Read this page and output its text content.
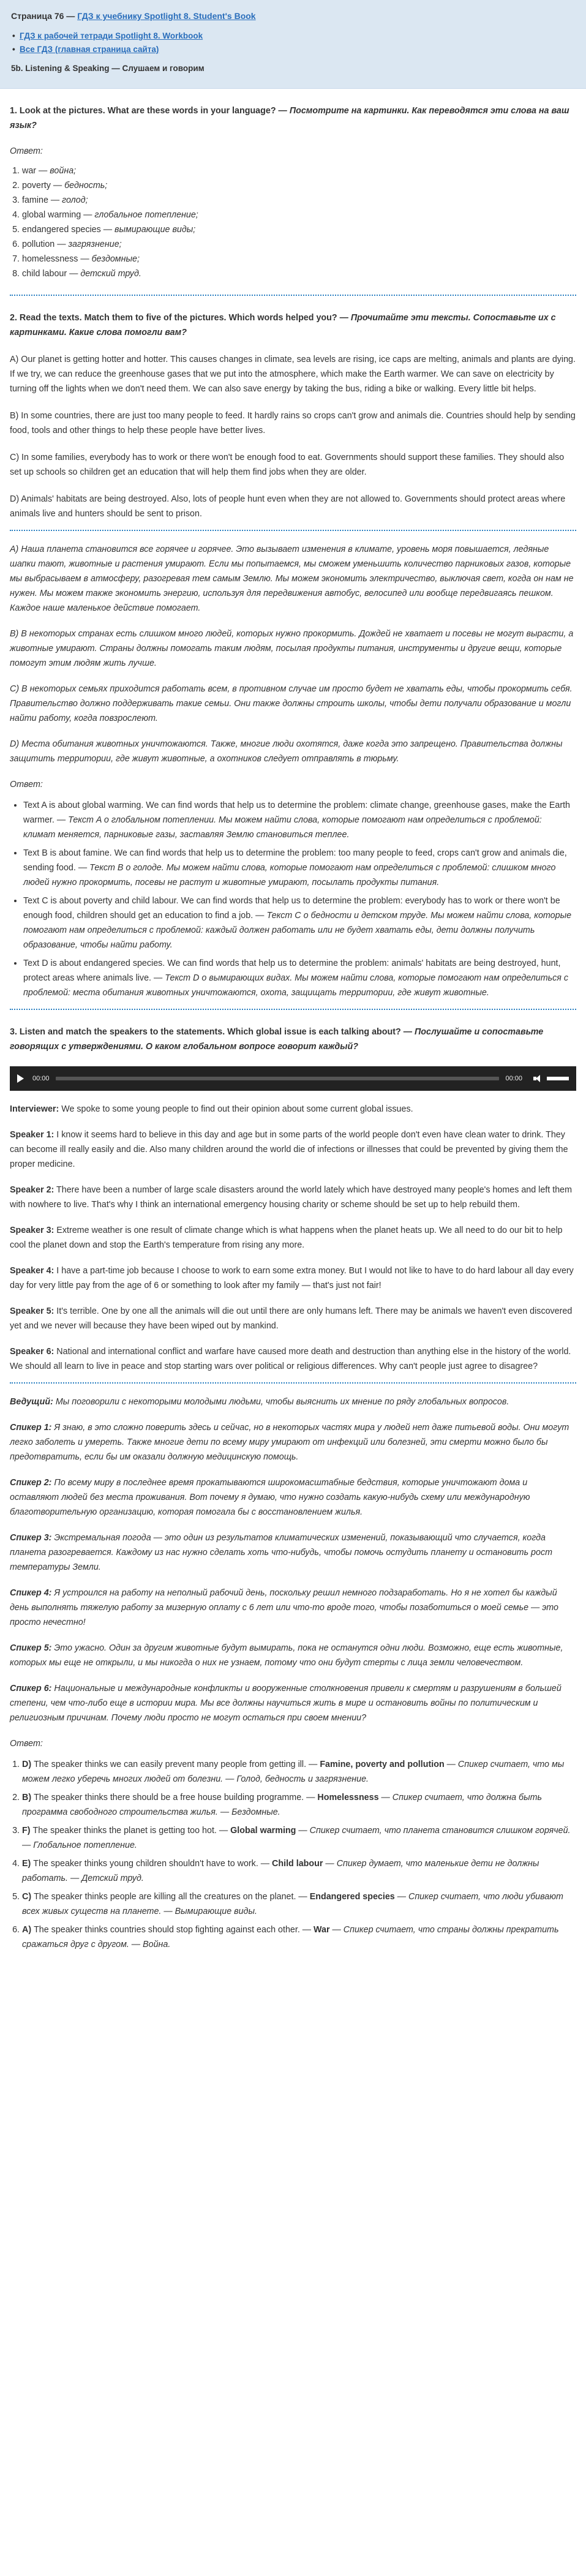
Страница 76 — ГДЗ к учебнику Spotlight 8. Student's Book
• ГДЗ к рабочей тетради Spotlight 8. Workbook
• Все ГДЗ (главная страница сайта)
5b. Listening & Speaking — Слушаем и говорим
1. Look at the pictures. What are these words in your language? — Посмотрите на картинки. Как переводятся эти слова на ваш язык?
Ответ:
1. war — война;
2. poverty — бедность;
3. famine — голод;
4. global warming — глобальное потепление;
5. endangered species — вымирающие виды;
6. pollution — загрязнение;
7. homelessness — бездомные;
8. child labour — детский труд.
2. Read the texts. Match them to five of the pictures. Which words helped you? — Прочитайте эти тексты. Сопоставьте их с картинками. Какие слова помогли вам?

A) Our planet is getting hotter and hotter. This causes changes in climate, sea levels are rising, ice caps are melting, animals and plants are dying. If we try, we can reduce the greenhouse gases that we put into the atmosphere, which make the Earth warmer. We can save on electricity by turning off the lights when we don't need them. We can also save energy by taking the bus, riding a bike or walking. Every little bit helps.

B) In some countries, there are just too many people to feed. It hardly rains so crops can't grow and animals die. Countries should help by sending food, tools and other things to help these people have better lives.

C) In some families, everybody has to work or there won't be enough food to eat. Governments should support these families. They should also set up schools so children get an education that will help them find jobs when they are older.

D) Animals' habitats are being destroyed. Also, lots of people hunt even when they are not allowed to. Governments should protect areas where animals live and hunters should be sent to prison.

А) Наша планета становится все горячее и горячее. Это вызывает изменения в климате, уровень моря повышается, ледяные шапки тают, животные и растения умирают. Если мы попытаемся, мы сможем уменьшить количество парниковых газов, которые мы выбрасываем в атмосферу, разогревая тем самым Землю. Мы можем экономить электричество, выключая свет, когда он нам не нужен. Мы можем также экономить энергию, используя для передвижения автобус, велосипед или вообще передвигаясь пешком. Каждое наше маленькое действие помогает.

B) В некоторых странах есть слишком много людей, которых нужно прокормить. Дождей не хватает и посевы не могут вырасти, а животные умирают. Страны должны помогать таким людям, посылая продукты питания, инструменты и другие вещи, которые помогут этим людям жить лучше.

C) В некоторых семьях приходится работать всем, в противном случае им просто будет не хватать еды, чтобы прокормить себя. Правительство должно поддерживать такие семьи. Они также должны строить школы, чтобы дети получали образование и могли найти работу, когда повзрослеют.

D) Места обитания животных уничтожаются. Также, многие люди охотятся, даже когда это запрещено. Правительства должны защитить территории, где живут животные, а охотников следует отправлять в тюрьму.

Ответ:
• Text A is about global warming. We can find words that help us to determine the problem: climate change, greenhouse gases, make the Earth warmer. — Текст A о глобальном потеплении. Мы можем найти слова, которые помогают нам определиться с проблемой: климат меняется, парниковые газы, заставляя Землю становиться теплее.
• Text B is about famine. We can find words that help us to determine the problem: too many people to feed, crops can't grow and animals die, sending food. — Текст B о голоде. Мы можем найти слова, которые помогают нам определиться с проблемой: слишком много людей нужно прокормить, посевы не растут и животные умирают, посылать продукты питания.
• Text C is about poverty and child labour. We can find words that help us to determine the problem: everybody has to work or there won't be enough food, children should get an education to find a job. — Текст C о бедности и детском труде. Мы можем найти слова, которые помогают нам определиться с проблемой: каждый должен работать или не будет хватать еды, дети должны получить образование, чтобы найти работу.
• Text D is about endangered species. We can find words that help us to determine the problem: animals' habitats are being destroyed, hunt, protect areas where animals live. — Текст D о вымирающих видах. Мы можем найти слова, которые помогают нам определиться с проблемой: места обитания животных уничтожаются, охота, защищать территории, где живут животные.
3. Listen and match the speakers to the statements. Which global issue is each talking about? — Послушайте и сопоставьте говорящих с утверждениями. О каком глобальном вопросе говорит каждый?
00:00	00:00

Interviewer: We spoke to some young people to find out their opinion about some current global issues.

Speaker 1: I know it seems hard to believe in this day and age but in some parts of the world people don't even have clean water to drink. They can become ill really easily and die. Also many children around the world die of infections or illnesses that could be prevented by giving them the proper medicine.

Speaker 2: There have been a number of large scale disasters around the world lately which have destroyed many people's homes and left them with nowhere to live. That's why I think an international emergency housing charity or scheme should be set up to help rebuild them.

Speaker 3: Extreme weather is one result of climate change which is what happens when the planet heats up. We all need to do our bit to help cool the planet down and stop the Earth's temperature from rising any more.

Speaker 4: I have a part-time job because I choose to work to earn some extra money. But I would not like to have to do hard labour all day every day for very little pay from the age of 6 or something to look after my family — that's just not fair!

Speaker 5: It's terrible. One by one all the animals will die out until there are only humans left. There may be animals we haven't even discovered yet and we never will because they have been wiped out by mankind.

Speaker 6: National and international conflict and warfare have caused more death and destruction than anything else in the history of the world. We should all learn to live in peace and stop starting wars over political or religious differences. Why can't people just agree to disagree?

Ведущий: Мы поговорили с некоторыми молодыми людьми, чтобы выяснить их мнение по ряду глобальных вопросов.

Спикер 1: Я знаю, в это сложно поверить здесь и сейчас, но в некоторых частях мира у людей нет даже питьевой воды. Они могут легко заболеть и умереть. Также многие дети по всему миру умирают от инфекций или болезней, эти смерти можно было бы предотвратить, если бы им оказали должную медицинскую помощь.

Спикер 2: По всему миру в последнее время прокатываются широкомасштабные бедствия, которые уничтожают дома и оставляют людей без места проживания. Вот почему я думаю, что нужно создать какую-нибудь схему или международную благотворительную организацию, которая помогала бы с восстановлением жилья.

Спикер 3: Экстремальная погода — это один из результатов климатических изменений, показывающий что случается, когда планета разогревается. Каждому из нас нужно сделать хоть что-нибудь, чтобы помочь остудить планету и остановить рост температуры Земли.

Спикер 4: Я устроился на работу на неполный рабочий день, поскольку решил немного подзаработать. Но я не хотел бы каждый день выполнять тяжелую работу за мизерную оплату с 6 лет или что-то вроде того, чтобы позаботиться о моей семье — это просто нечестно!

Спикер 5: Это ужасно. Один за другим животные будут вымирать, пока не останутся одни люди. Возможно, еще есть животные, которых мы еще не открыли, и мы никогда о них не узнаем, потому что они будут стерты с лица земли человечеством.

Спикер 6: Национальные и международные конфликты и вооруженные столкновения привели к смертям и разрушениям в большей степени, чем что-либо еще в истории мира. Мы все должны научиться жить в мире и остановить войны по политическим и религиозным причинам. Почему люди просто не могут остаться при своем мнении?

Ответ:
1. D) The speaker thinks we can easily prevent many people from getting ill. — Famine, poverty and pollution — Спикер считает, что мы можем легко уберечь многих людей от болезни. — Голод, бедность и загрязнение.
2. B) The speaker thinks there should be a free house building programme. — Homelessness — Спикер считает, что должна быть программа свободного строительства жилья. — Бездомные.
3. F) The speaker thinks the planet is getting too hot. — Global warming — Спикер считает, что планета становится слишком горячей. — Глобальное потепление.
4. E) The speaker thinks young children shouldn't have to work. — Child labour — Спикер думает, что маленькие дети не должны работать. — Детский труд.
5. C) The speaker thinks people are killing all the creatures on the planet. — Endangered species — Спикер считает, что люди убивают всех живых существ на планете. — Вымирающие виды.
6. A) The speaker thinks countries should stop fighting against each other. — War — Спикер считает, что страны должны прекратить сражаться друг с другом. — Война.
